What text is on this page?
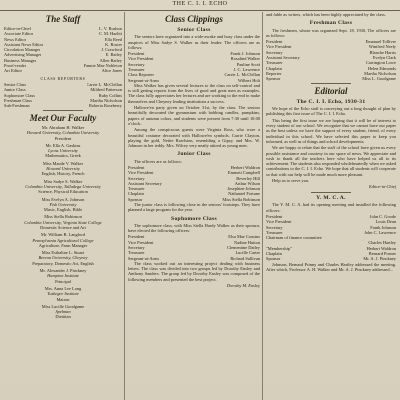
THE C. I. I. ECHO
The Staff
Editor-in-Chief	L. V. Rushon
Associate Editor	C. M. Hazlitt
News Editor	Ella Reed
Assistant News Editor	K. Roster
Circulation Manager	J. Crawford
Advertising Manager	E. Bailey
Business Manager	Allen Bailey
Proof-reader	Fannie Mae Nobleton
Art Editor	Alice Jones
CLASS REPORTERS
Senior Class	Carrie L. McClellan
Junior Class	Mildred Patterson
Sophomore Class	Ruby Collins
Freshman Class	Martha Nicholson
Sub-Freshman	Roberta Roseberry
Meet Our Faculty
Mr. Abraham H. Walker
Howard University, Columbia University
President
Mr. Ella A. Gaskins
Lyons University
Mathematics, Greek
Miss Maude V. Walker
Howard University
English, History, French
Miss Sadye S. Walker
Columbia University, Talladega University
Science, Physical Education
Miss Evelyn A. Johnson
Fisk University
Music, English, Bible
Miss Stella Robinson
Columbia University, Virginia State College
Domestic Science and Art
Mr. William B. Langford
Pennsylvania Agricultural College
Agriculture, Farm Manager
Miss Esthaline L. Stuart
Berean University, Cheyney
Preparatory, Domestic Art, English
Mr. Alexander J. Pinckney
Hampton Institute
Principal
Mrs. Anna Lee Long
Tuskegee Institute
Matron
Miss Lucille Goodgame
Spelman
Dietitian
Class Clippings
Senior Class

The seniors have organized into a wide-awake and busy class under the auspices of Miss Sadye S. Walker as their leader. The officers are as follows:

President	Frank J. Johnson
Vice President	Rosalind Walker
Secretary	Pauline Scott
Treasurer	J. C. Lawrence
Class Reporter	Carrie L. McClellan
Sergeant-at-Arms	Wilbert Holt

Miss Walker has given several lectures to the class on self-control and is still getting reports from the lives of good and great men as examples. The class fully appreciates her lectures and are working to the end to make themselves and Cheyney leading institutions a success.

Hallowe'en party given on October 31st, by the class. The seniors beautifully decorated the gymnasium with bobbing candles, pumpkins, papers of autumn colors, and students were present from 7:30 until 10:00 o'clock.

Among the conspicuous guests were Virginia Ross, who wore a beautiful costume decorated with Hallowe'en symbols. Carrie Clayton, playing the gold, Nettie Rawlston, resembling a Gipsy, and Mrs. W. Johnson in her teddy. Mrs. Wilcey very neatly attired as young men.

Junior Class

The officers are as follows:

President	Herbert Waldron
Vice President	Emmett Campbell
Secretary	Beverley Hill
Assistant Secretary	Arthur Wilson
Treasurer	Josephine Johnson
Chaplain	Nathaniel Fortune
Sponsor	Miss Stella Robinson

The junior class is following close in the seniors' footsteps. They have planned a large program for the year.

Sophomore Class

The sophomore class, with Miss Stella Hardy Walker as their sponsor, have elected the following officers:

President	Elsa Mae Cousins
Vice President	Nadine Hutton
Secretary	Clementine Dailey
Treasurer	Lucille Carter
Sergeant-at-Arms	Richard Sullivan

The class worked out an interesting project dealing with business letters. The class was divided into two groups led by Dorothy Ensley and Anthony Sanders. The group led by Dorothy Ensley was composed of the following members and presented the best project.

Dorothy M. Ensley

and fable as writers, which has been highly appreciated by the class.

Freshman Class

The freshmen, whose was organized Sept. 18, 1930, The officers are as follows:

President	Emanuel Tolliver
Vice President	Winifred Neely
Secretary	Blanche Harris
Assistant Secretary	Evelyn Clark
Treasurer	Carrington Lowe
Chaplain	Helen Edmonds
Reporter	Martha Nicholson
Sponsor	Miss L. Goodgame
Editorial
The C. I. I. Echo, 1930-31

We hope of the Echo staff is conveying out a long thought of plan by publishing this first issue of The C. I. I. Echo.

This being the first issue we are hoping that it will be of interest to every student of our school. We recognize that we cannot have our paper as the best unless we have the support of every student, friend, of every individual in this school. We have selected this paper to keep you informed, as well as of things and school developments.

We are happy to relate that the staff of the school have given us every possible assistance and courtesy in our space of news. We appreciate and wish to thank all the teachers here who have helped us all to its achievement. The students also responded wholeheartedly when we asked contributions to the C. I. I. Echo. We hope that all students will cooperate so that with our help will be made much more pleasant.

Help us to serve you.

Editor-in-Chief
Y. M. C. A.

The Y. M. C. A. had its opening meeting and installed the following officers:

President	John C. Goode
Vice President	Louis Dean
Secretary	Frank Johnson
Treasurer	John C. Lawrence
Chairman of finance committee
Charles Hartley
"Membership"	Herbert Waldron
Chaplain	Bernard Posner
Sponsor	Mr. A. J. Pinckney

Johnson, Bernard Prinny and Charles Hartley addressed the meeting. After which, Professor A. H. Walker and Mr. A. J. Pinckney addressed...
